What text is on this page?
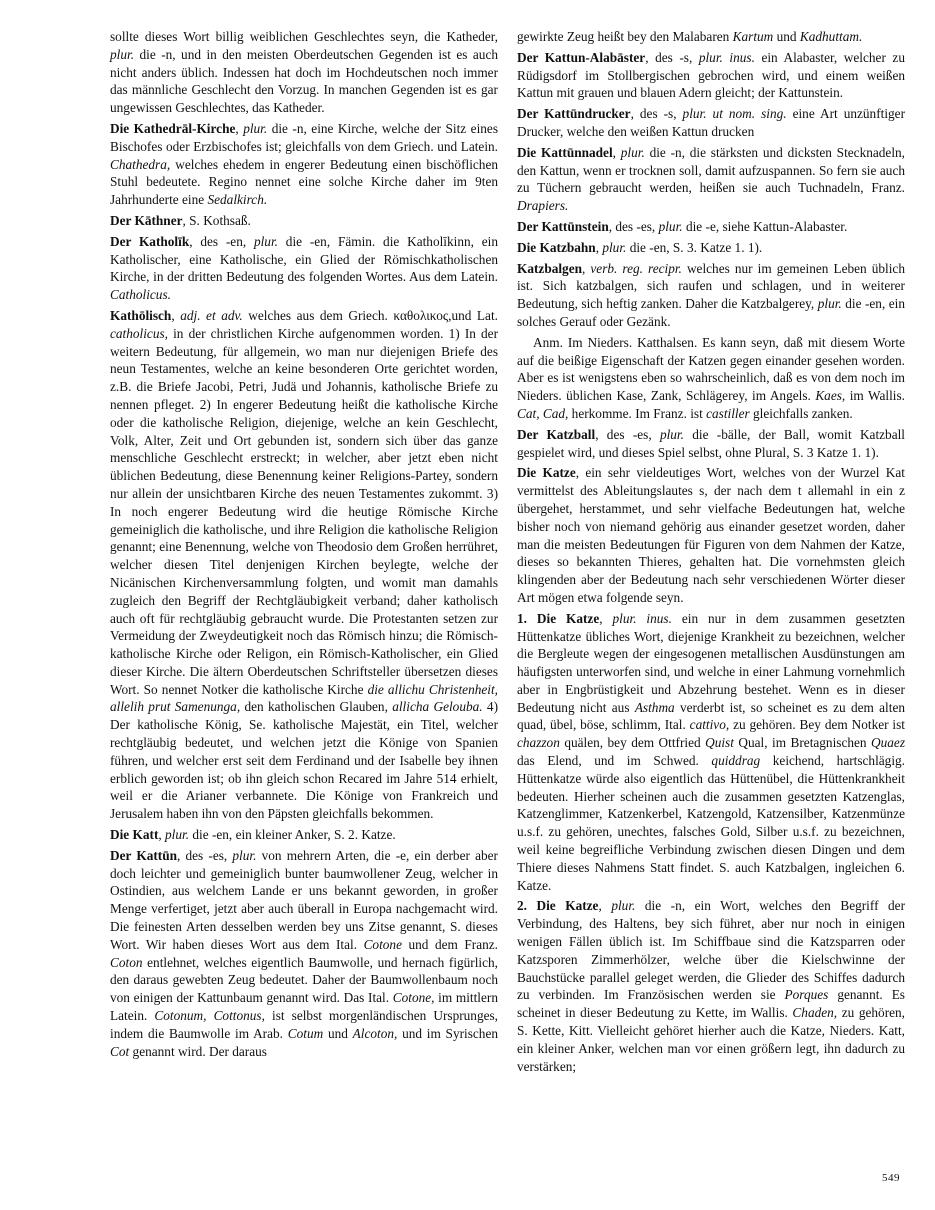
sollte dieses Wort billig weiblichen Geschlechtes seyn, die Katheder, plur. die -n, und in den meisten Oberdeutschen Gegenden ist es auch nicht anders üblich. Indessen hat doch im Hochdeutschen noch immer das männliche Geschlecht den Vorzug. In manchen Gegenden ist es gar ungewissen Geschlechtes, das Katheder.

Die Kathedrāl-Kirche, plur. die -n, eine Kirche, welche der Sitz eines Bischofes oder Erzbischofes ist; gleichfalls von dem Griech. und Latein. Chathedra, welches ehedem in engerer Bedeutung einen bischöflichen Stuhl bedeutete. Regino nennet eine solche Kirche daher im 9ten Jahrhunderte eine Sedalkirch.

Der Kāthner, S. Kothsaß.

Der Katholīk, des -en, plur. die -en, Fämin. die Katholīkinn, ein Katholischer, eine Katholische, ein Glied der Römischkatholischen Kirche, in der dritten Bedeutung des folgenden Wortes. Aus dem Latein. Catholicus.

Kathōlisch, adj. et adv. welches aus dem Griech. καθολικος,und Lat. catholicus, in der christlichen Kirche aufgenommen worden. 1) In der weitern Bedeutung, für allgemein, wo man nur diejenigen Briefe des neun Testamentes, welche an keine besonderen Orte gerichtet worden, z.B. die Briefe Jacobi, Petri, Judä und Johannis, katholische Briefe zu nennen pfleget. 2) In engerer Bedeutung heißt die katholische Kirche oder die katholische Religion, diejenige, welche an kein Geschlecht, Volk, Alter, Zeit und Ort gebunden ist, sondern sich über das ganze menschliche Geschlecht erstreckt; in welcher, aber jetzt eben nicht üblichen Bedeutung, diese Benennung keiner Religions-Partey, sondern nur allein der unsichtbaren Kirche des neuen Testamentes zukommt. 3) In noch engerer Bedeutung wird die heutige Römische Kirche gemeiniglich die katholische, und ihre Religion die katholische Religion genannt; eine Benennung, welche von Theodosio dem Großen herrühret, welcher diesen Titel denjenigen Kirchen beylegte, welche der Nicänischen Kirchenversammlung folgten, und womit man damahls zugleich den Begriff der Rechtgläubigkeit verband; daher katholisch auch oft für rechtgläubig gebraucht wurde. Die Protestanten setzen zur Vermeidung der Zweydeutigkeit noch das Römisch hinzu; die Römisch-katholische Kirche oder Religon, ein Römisch-Katholischer, ein Glied dieser Kirche. Die ältern Oberdeutschen Schriftsteller übersetzen dieses Wort. So nennet Notker die katholische Kirche die allichu Christenheit, allelih prut Samenunga, den katholischen Glauben, allicha Gelouba. 4) Der katholische König, Se. katholische Majestät, ein Titel, welcher rechtgläubig bedeutet, und welchen jetzt die Könige von Spanien führen, und welcher erst seit dem Ferdinand und der Isabelle bey ihnen erblich geworden ist; ob ihn gleich schon Recared im Jahre 514 erhielt, weil er die Arianer verbannete. Die Könige von Frankreich und Jerusalem haben ihn von den Päpsten gleichfalls bekommen.

Die Katt, plur. die -en, ein kleiner Anker, S. 2. Katze.

Der Kattūn, des -es, plur. von mehrern Arten, die -e, ein derber aber doch leichter und gemeiniglich bunter baumwollener Zeug, welcher in Ostindien, aus welchem Lande er uns bekannt geworden, in großer Menge verfertiget, jetzt aber auch überall in Europa nachgemacht wird. Die feinesten Arten desselben werden bey uns Zitse genannt, S. dieses Wort. Wir haben dieses Wort aus dem Ital. Cotone und dem Franz. Coton entlehnet, welches eigentlich Baumwolle, und hernach figürlich, den daraus gewebten Zeug bedeutet. Daher der Baumwollenbaum noch von einigen der Kattunbaum genannt wird. Das Ital. Cotone, im mittlern Latein. Cotonum, Cottonus, ist selbst morgenländischen Ursprunges, indem die Baumwolle im Arab. Cotum und Alcoton, und im Syrischen Cot genannt wird. Der daraus

gewirkte Zeug heißt bey den Malabaren Kartum und Kadhuttam.

Der Kattun-Alabāster, des -s, plur. inus. ein Alabaster, welcher zu Rüdigsdorf im Stollbergischen gebrochen wird, und einem weißen Kattun mit grauen und blauen Adern gleicht; der Kattunstein.

Der Kattūndrucker, des -s, plur. ut nom. sing. eine Art unzünftiger Drucker, welche den weißen Kattun drucken

Die Kattūnnadel, plur. die -n, die stärksten und dicksten Stecknadeln, den Kattun, wenn er trocknen soll, damit aufzuspannen. So fern sie auch zu Tüchern gebraucht werden, heißen sie auch Tuchnadeln, Franz. Drapiers.

Der Kattūnstein, des -es, plur. die -e, siehe Kattun-Alabaster.

Die Katzbahn, plur. die -en, S. 3. Katze 1. 1).

Katzbalgen, verb. reg. recipr. welches nur im gemeinen Leben üblich ist. Sich katzbalgen, sich raufen und schlagen, und in weiterer Bedeutung, sich heftig zanken. Daher die Katzbalgerey, plur. die -en, ein solches Gerauf oder Gezänk.

Anm. Im Nieders. Katthalsen. Es kann seyn, daß mit diesem Worte auf die beißige Eigenschaft der Katzen gegen einander gesehen worden. Aber es ist wenigstens eben so wahrscheinlich, daß es von dem noch im Nieders. üblichen Kase, Zank, Schlägerey, im Angels. Kaes, im Wallis. Cat, Cad, herkomme. Im Franz. ist castiller gleichfalls zanken.

Der Katzball, des -es, plur. die -bälle, der Ball, womit Katzball gespielet wird, und dieses Spiel selbst, ohne Plural, S. 3 Katze 1. 1).

Die Katze, ein sehr vieldeutiges Wort, welches von der Wurzel Kat vermittelst des Ableitungslautes s, der nach dem t allemahl in ein z übergehet, herstammet, und sehr vielfache Bedeutungen hat, welche bisher noch von niemand gehörig aus einander gesetzet worden, daher man die meisten Bedeutungen für Figuren von dem Nahmen der Katze, dieses so bekannten Thieres, gehalten hat. Die vornehmsten gleich klingenden aber der Bedeutung nach sehr verschiedenen Wörter dieser Art mögen etwa folgende seyn.

1. Die Katze, plur. inus. ein nur in dem zusammen gesetzten Hüttenkatze übliches Wort, diejenige Krankheit zu bezeichnen, welcher die Bergleute wegen der eingesogenen metallischen Ausdünstungen am häufigsten unterworfen sind, und welche in einer Lahmung vornehmlich aber in Engbrüstigkeit und Abzehrung bestehet. Wenn es in dieser Bedeutung nicht aus Asthma verderbt ist, so scheinet es zu dem alten quad, übel, böse, schlimm, Ital. cattivo, zu gehören. Bey dem Notker ist chazzon quälen, bey dem Ottfried Quist Qual, im Bretagnischen Quaez das Elend, und im Schwed. quiddrag keichend, hartschlägig. Hüttenkatze würde also eigentlich das Hüttenübel, die Hüttenkrankheit bedeuten. Hierher scheinen auch die zusammen gesetzten Katzenglas, Katzenglimmer, Katzenkerbel, Katzengold, Katzensilber, Katzenmünze u.s.f. zu gehören, unechtes, falsches Gold, Silber u.s.f. zu bezeichnen, weil keine begreifliche Verbindung zwischen diesen Dingen und dem Thiere dieses Nahmens Statt findet. S. auch Katzbalgen, ingleichen 6. Katze.

2. Die Katze, plur. die -n, ein Wort, welches den Begriff der Verbindung, des Haltens, bey sich führet, aber nur noch in einigen wenigen Fällen üblich ist. Im Schiffbaue sind die Katzsparren oder Katzsporen Zimmerhölzer, welche über die Kielschwinne der Bauchstücke parallel geleget werden, die Glieder des Schiffes dadurch zu verbinden. Im Französischen werden sie Porques genannt. Es scheinet in dieser Bedeutung zu Kette, im Wallis. Chaden, zu gehören, S. Kette, Kitt. Vielleicht gehöret hierher auch die Katze, Nieders. Katt, ein kleiner Anker, welchen man vor einen größern legt, ihn dadurch zu verstärken;

549
